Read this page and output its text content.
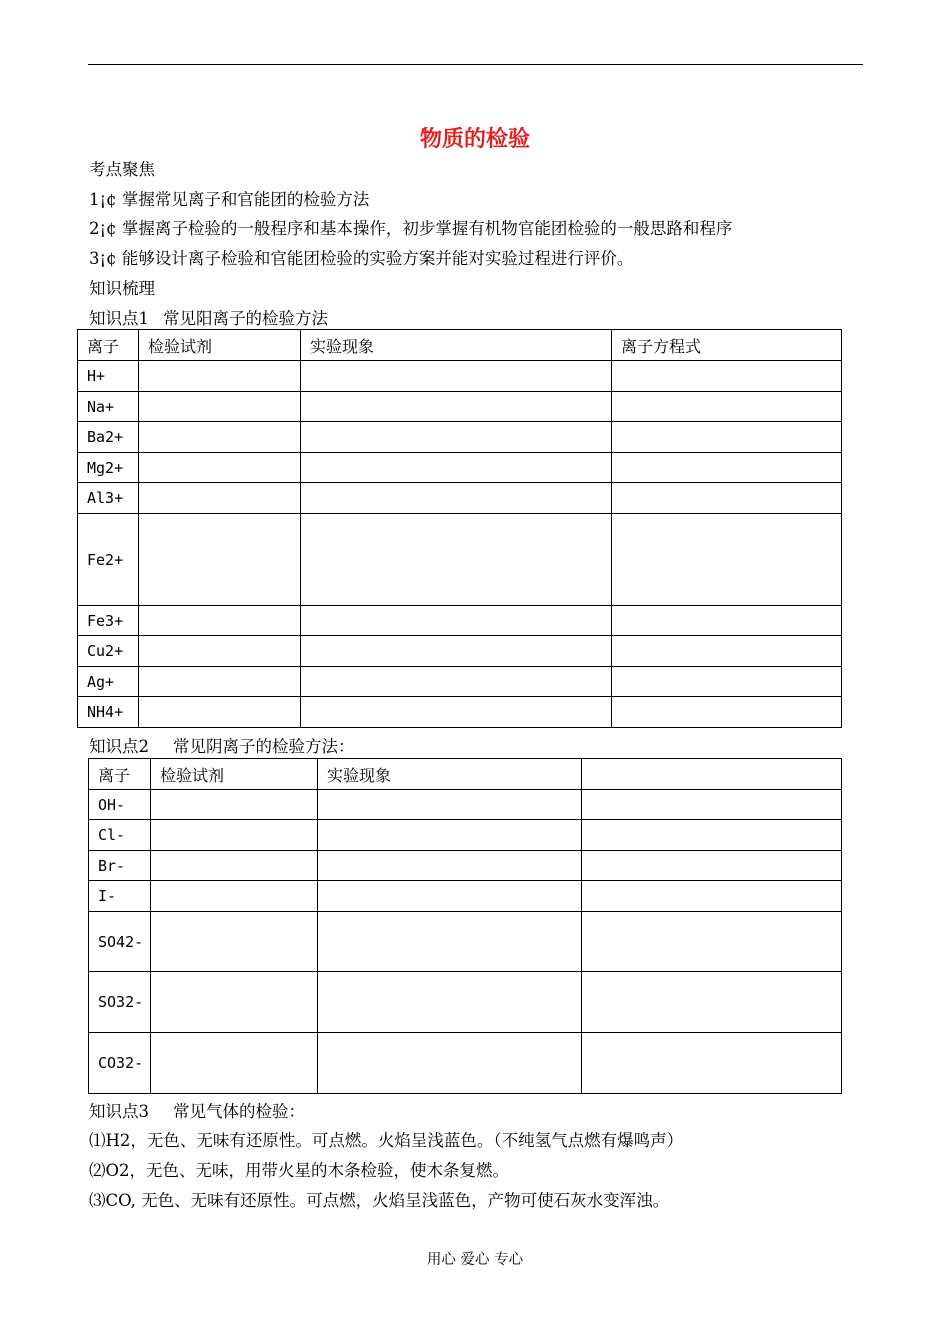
物质的检验

考点聚焦

1¡¢ 掌握常见离子和官能团的检验方法

2¡¢ 掌握离子检验的一般程序和基本操作，初步掌握有机物官能团检验的一般思路和程序

3¡¢ 能够设计离子检验和官能团检验的实验方案并能对实验过程进行评价。

知识梳理

知识点1 常见阳离子的检验方法

离子	检验试剂	实验现象	离子方程式
H+			
Na+			
Ba2+			
Mg2+			
Al3+			
Fe2+			
Fe3+			
Cu2+			
Ag+			
NH4+			

知识点2 常见阴离子的检验方法：

离子	检验试剂	实验现象	
OH-			
Cl-			
Br-			
I-			
SO42-			
SO32-			
CO32-			

知识点3 常见气体的检验：

⑴H2，无色、无味有还原性。可点燃。火焰呈浅蓝色。（不纯氢气点燃有爆鸣声）

⑵O2，无色、无味，用带火星的木条检验，使木条复燃。

⑶CO, 无色、无味有还原性。可点燃，火焰呈浅蓝色，产物可使石灰水变浑浊。

用心 爱心 专心
